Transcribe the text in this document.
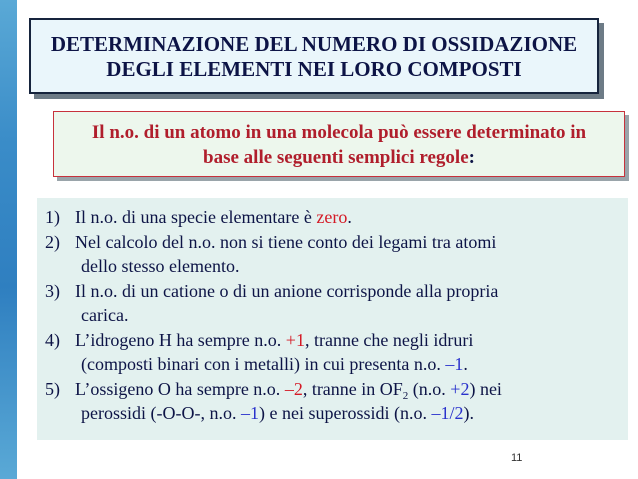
DETERMINAZIONE DEL NUMERO DI OSSIDAZIONE
DEGLI ELEMENTI NEI LORO COMPOSTI
Il n.o. di un atomo in una molecola può essere determinato in
base alle seguenti semplici regole:
1) Il n.o. di una specie elementare è zero.
2) Nel calcolo del n.o. non si tiene conto dei legami tra atomi
dello stesso elemento.
3) Il n.o. di un catione o di un anione corrisponde alla propria
carica.
4) L’idrogeno H ha sempre n.o. +1, tranne che negli idruri
(composti binari con i metalli) in cui presenta n.o. –1.
5) L’ossigeno O ha sempre n.o. –2, tranne in $OF_2$ (n.o. +2) nei
perossidi (-O-O-, n.o. –1) e nei superossidi (n.o. –1/2).
11
